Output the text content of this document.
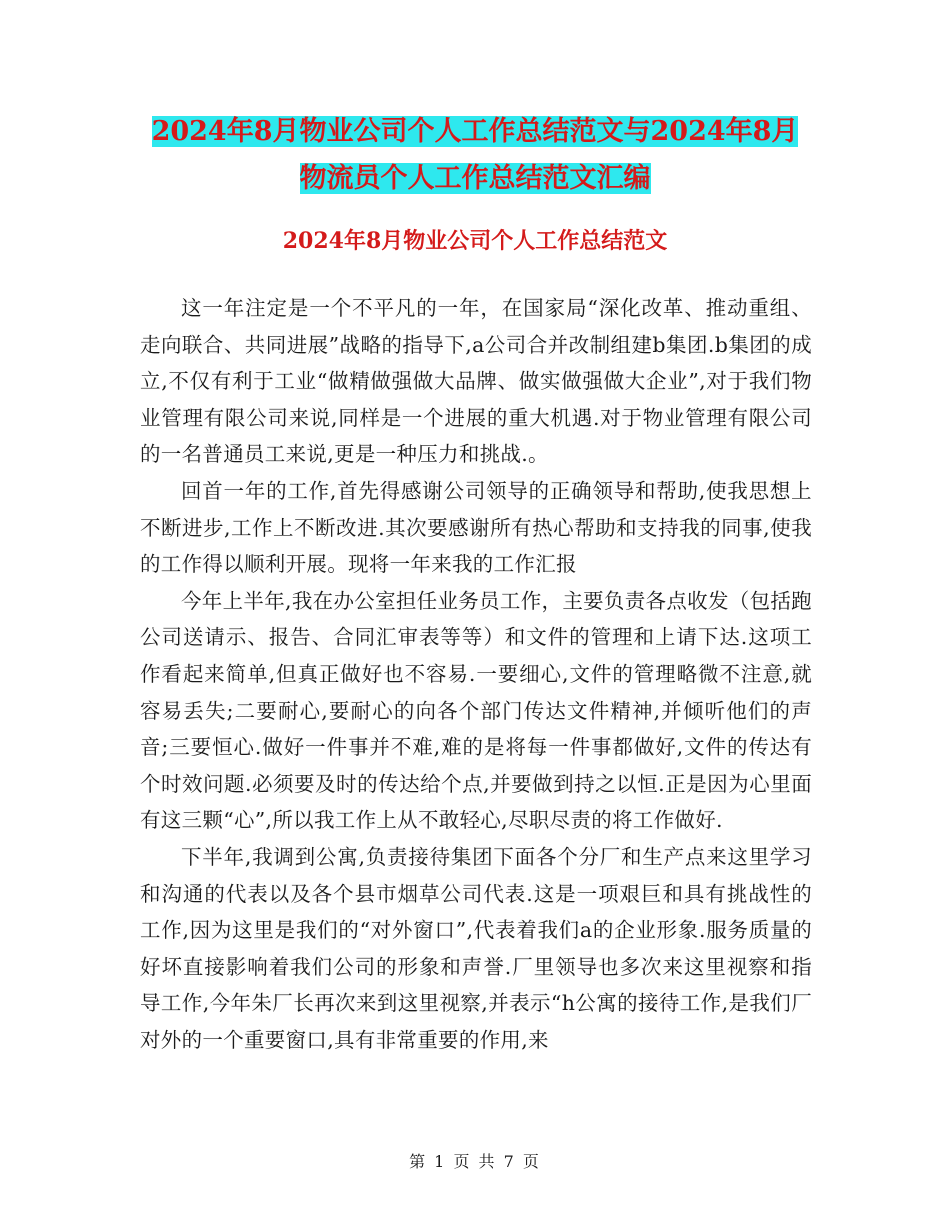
2024年8月物业公司个人工作总结范文与2024年8月
物流员个人工作总结范文汇编
2024年8月物业公司个人工作总结范文

这一年注定是一个不平凡的一年，在国家局“深化改革、推动重组、走向联合、共同进展”战略的指导下,a公司合并改制组建b集团.b集团的成立,不仅有利于工业“做精做强做大品牌、做实做强做大企业”,对于我们物业管理有限公司来说,同样是一个进展的重大机遇.对于物业管理有限公司的一名普通员工来说,更是一种压力和挑战.。

回首一年的工作,首先得感谢公司领导的正确领导和帮助,使我思想上不断进步,工作上不断改进.其次要感谢所有热心帮助和支持我的同事,使我的工作得以顺利开展。现将一年来我的工作汇报

今年上半年,我在办公室担任业务员工作，主要负责各点收发（包括跑公司送请示、报告、合同汇审表等等）和文件的管理和上请下达.这项工作看起来简单,但真正做好也不容易.一要细心,文件的管理略微不注意,就容易丢失;二要耐心,要耐心的向各个部门传达文件精神,并倾听他们的声音;三要恒心.做好一件事并不难,难的是将每一件事都做好,文件的传达有个时效问题.必须要及时的传达给个点,并要做到持之以恒.正是因为心里面有这三颗“心”,所以我工作上从不敢轻心,尽职尽责的将工作做好.

下半年,我调到公寓,负责接待集团下面各个分厂和生产点来这里学习和沟通的代表以及各个县市烟草公司代表.这是一项艰巨和具有挑战性的工作,因为这里是我们的“对外窗口”,代表着我们a的企业形象.服务质量的好坏直接影响着我们公司的形象和声誉.厂里领导也多次来这里视察和指导工作,今年朱厂长再次来到这里视察,并表示“h公寓的接待工作,是我们厂对外的一个重要窗口,具有非常重要的作用,来

第 1 页 共 7 页
